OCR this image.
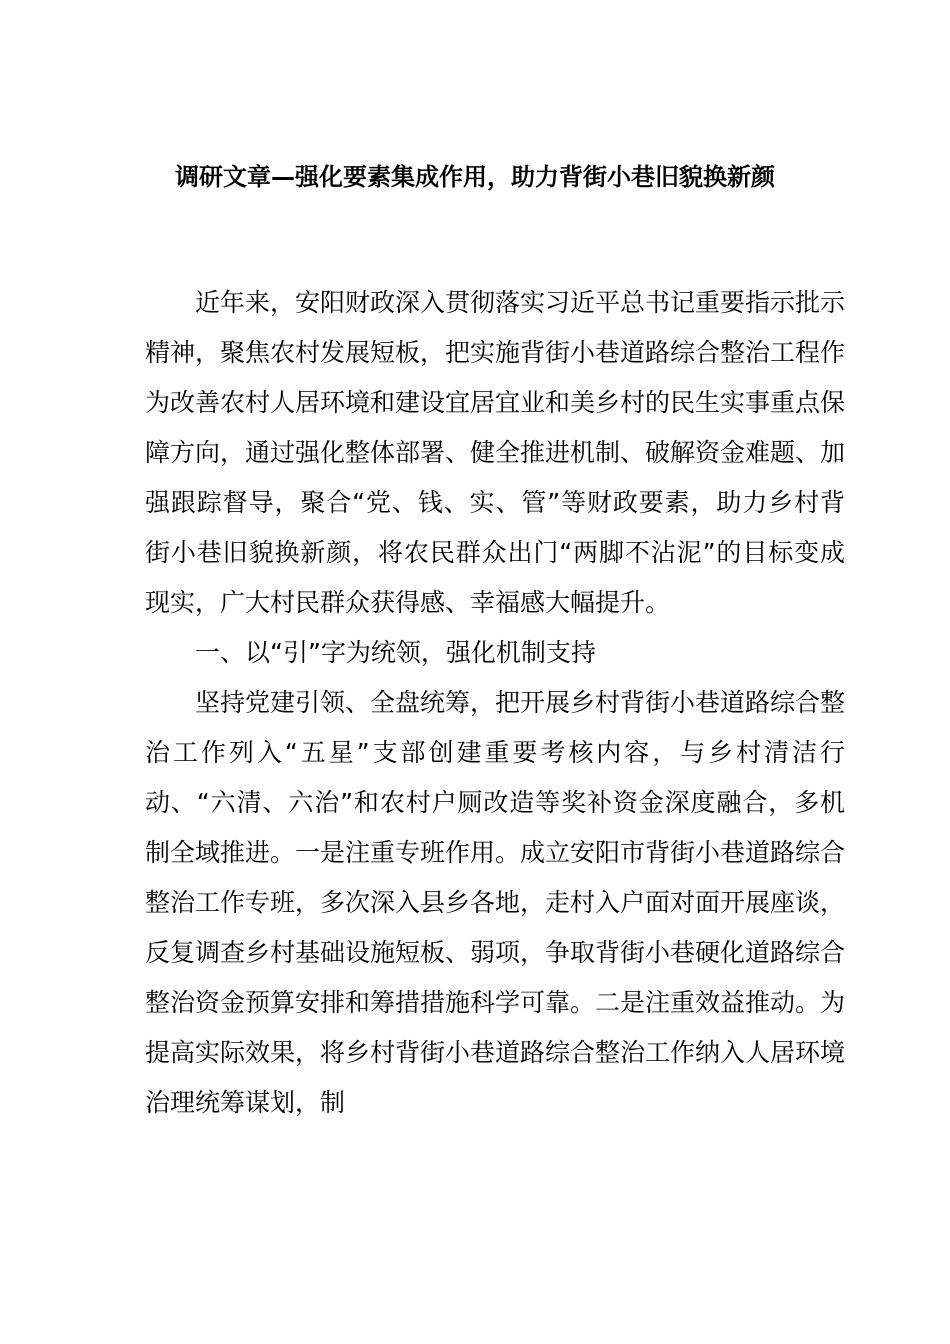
调研文章—强化要素集成作用，助力背街小巷旧貌换新颜

近年来，安阳财政深入贯彻落实习近平总书记重要指示批示精神，聚焦农村发展短板，把实施背街小巷道路综合整治工程作为改善农村人居环境和建设宜居宜业和美乡村的民生实事重点保障方向，通过强化整体部署、健全推进机制、破解资金难题、加强跟踪督导，聚合“党、钱、实、管”等财政要素，助力乡村背街小巷旧貌换新颜，将农民群众出门“两脚不沾泥”的目标变成现实，广大村民群众获得感、幸福感大幅提升。

一、以“引”字为统领，强化机制支持

坚持党建引领、全盘统筹，把开展乡村背街小巷道路综合整治工作列入“五星”支部创建重要考核内容，与乡村清洁行动、“六清、六治”和农村户厕改造等奖补资金深度融合，多机制全域推进。一是注重专班作用。成立安阳市背街小巷道路综合整治工作专班，多次深入县乡各地，走村入户面对面开展座谈，反复调查乡村基础设施短板、弱项，争取背街小巷硬化道路综合整治资金预算安排和筹措措施科学可靠。二是注重效益推动。为提高实际效果，将乡村背街小巷道路综合整治工作纳入人居环境治理统筹谋划，制
